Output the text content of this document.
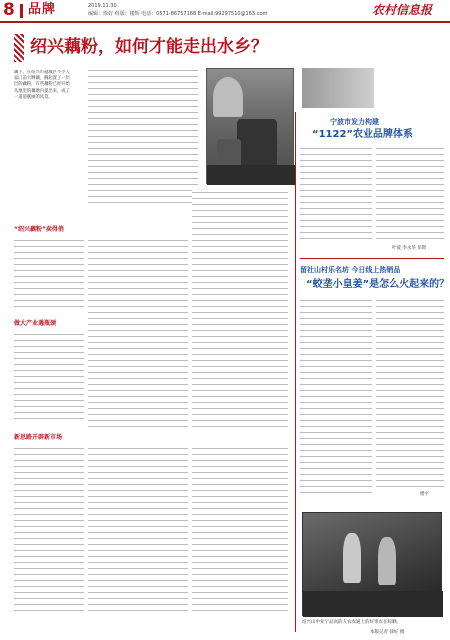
8 品牌	2019.11.30
编辑：徐好 组版：楼辉 电话：0571-86757168 E-mail:99297510@163.com	农村信息报
绍兴藕粉，如何才能走出水乡？
藕下，在绍兴市越城区不少人家门前大晒藕，搁起置了一层层的藕粉，有些藕粉已经开始从地里的藕塘内提出来，成了一道道靓丽的风景。
“绍兴藕粉”卖得俏
做大产业遇瓶颈
新思路开辟新市场
宁波市发力构建
“1122”农业品牌体系
叶波 李永华 彭斯
留社山村乐名坊 今日线上热销品
“蛟垄小皇姜”是怎么火起来的？
楼平
绍兴山中亚宁品高的人农农通上的好果农在晾晒。
本版记者 徐好 摄
